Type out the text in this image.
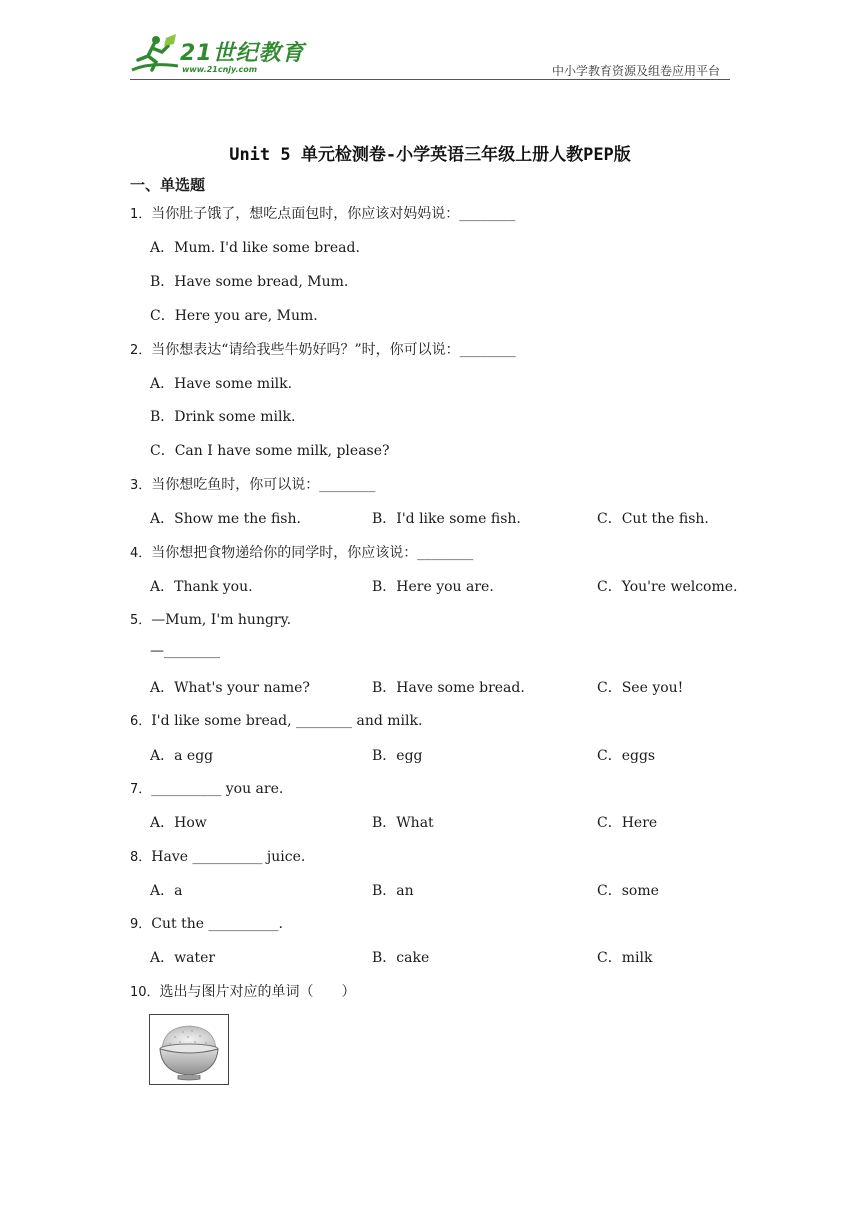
21世纪教育
www.21cnjy.com	中小学教育资源及组卷应用平台
Unit 5 单元检测卷-小学英语三年级上册人教PEP版
一、单选题
1．当你肚子饿了，想吃点面包时，你应该对妈妈说：________
A．Mum. I'd like some bread.
B．Have some bread, Mum.
C．Here you are, Mum.
2．当你想表达“请给我些牛奶好吗？”时，你可以说：________
A．Have some milk.
B．Drink some milk.
C．Can I have some milk, please?
3．当你想吃鱼时，你可以说：________
A．Show me the fish.	B．I'd like some fish.	C．Cut the fish.
4．当你想把食物递给你的同学时，你应该说：________
A．Thank you.	B．Here you are.	C．You're welcome.
5．—Mum, I'm hungry.
—________
A．What's your name?	B．Have some bread.	C．See you!
6．I'd like some bread, ________ and milk.
A．a egg	B．egg	C．eggs
7．__________ you are.
A．How	B．What	C．Here
8．Have __________ juice.
A．a	B．an	C．some
9．Cut the __________.
A．water	B．cake	C．milk
10．选出与图片对应的单词（　　）
